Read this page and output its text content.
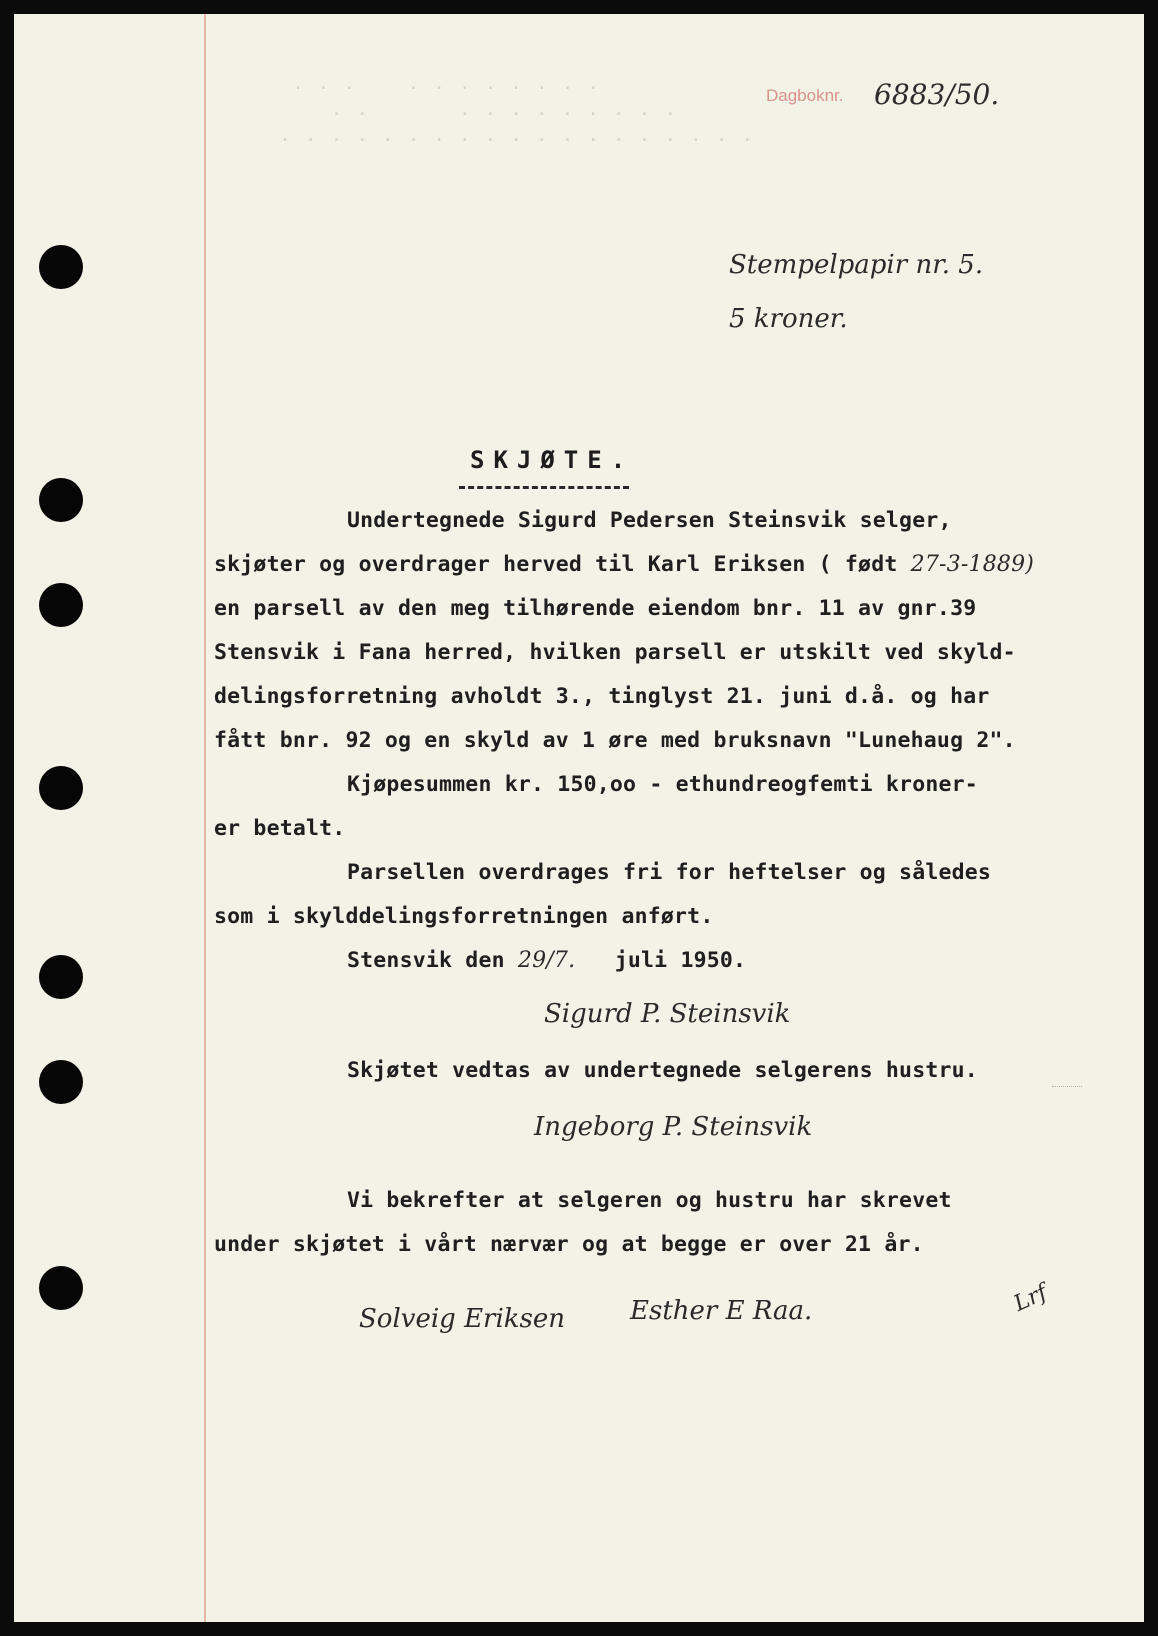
· · ·    · · · · · · · ·
· ·       · · · · · · · · ·
· · · · · · · · · · · · · · · · · · ·
Dagboknr. 6883/50.
Stempelpapir nr. 5.
5 kroner.
SKJØTE.
Undertegnede Sigurd Pedersen Steinsvik selger,
skjøter og overdrager herved til Karl Eriksen ( født 27-3-1889)
en parsell av den meg tilhørende eiendom bnr. 11 av gnr.39
Stensvik i Fana herred, hvilken parsell er utskilt ved skyld-
delingsforretning avholdt 3., tinglyst 21. juni d.å. og har
fått bnr. 92 og en skyld av 1 øre med bruksnavn "Lunehaug 2".
Kjøpesummen kr. 150,oo - ethundreogfemti kroner-
er betalt.
Parsellen overdrages fri for heftelser og således
som i skylddelingsforretningen anført.
Stensvik den 29/7. juli 1950.
Sigurd P. Steinsvik
Skjøtet vedtas av undertegnede selgerens hustru.
Ingeborg P. Steinsvik
Vi bekrefter at selgeren og hustru har skrevet
under skjøtet i vårt nærvær og at begge er over 21 år.
Solveig Eriksen Esther E Raa.	Lrf
